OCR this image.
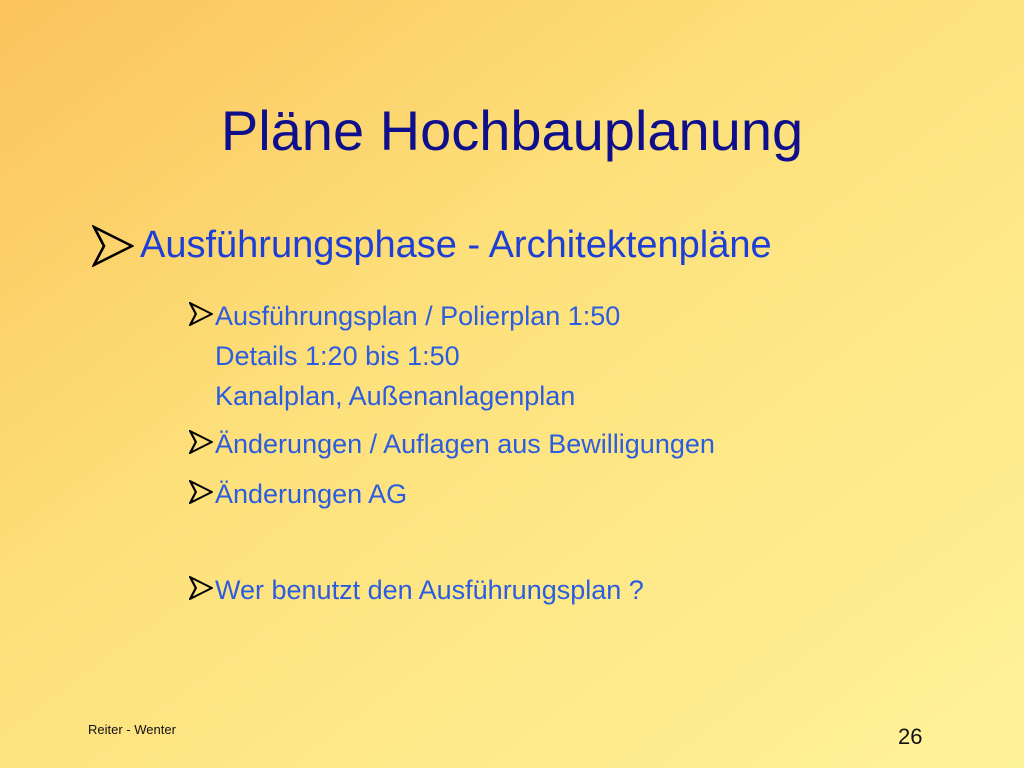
Pläne Hochbauplanung
Ausführungsphase - Architektenpläne
Ausführungsplan / Polierplan 1:50
Details 1:20 bis 1:50
Kanalplan, Außenanlagenplan
Änderungen / Auflagen aus Bewilligungen
Änderungen AG
Wer benutzt den Ausführungsplan ?
Reiter - Wenter	26
